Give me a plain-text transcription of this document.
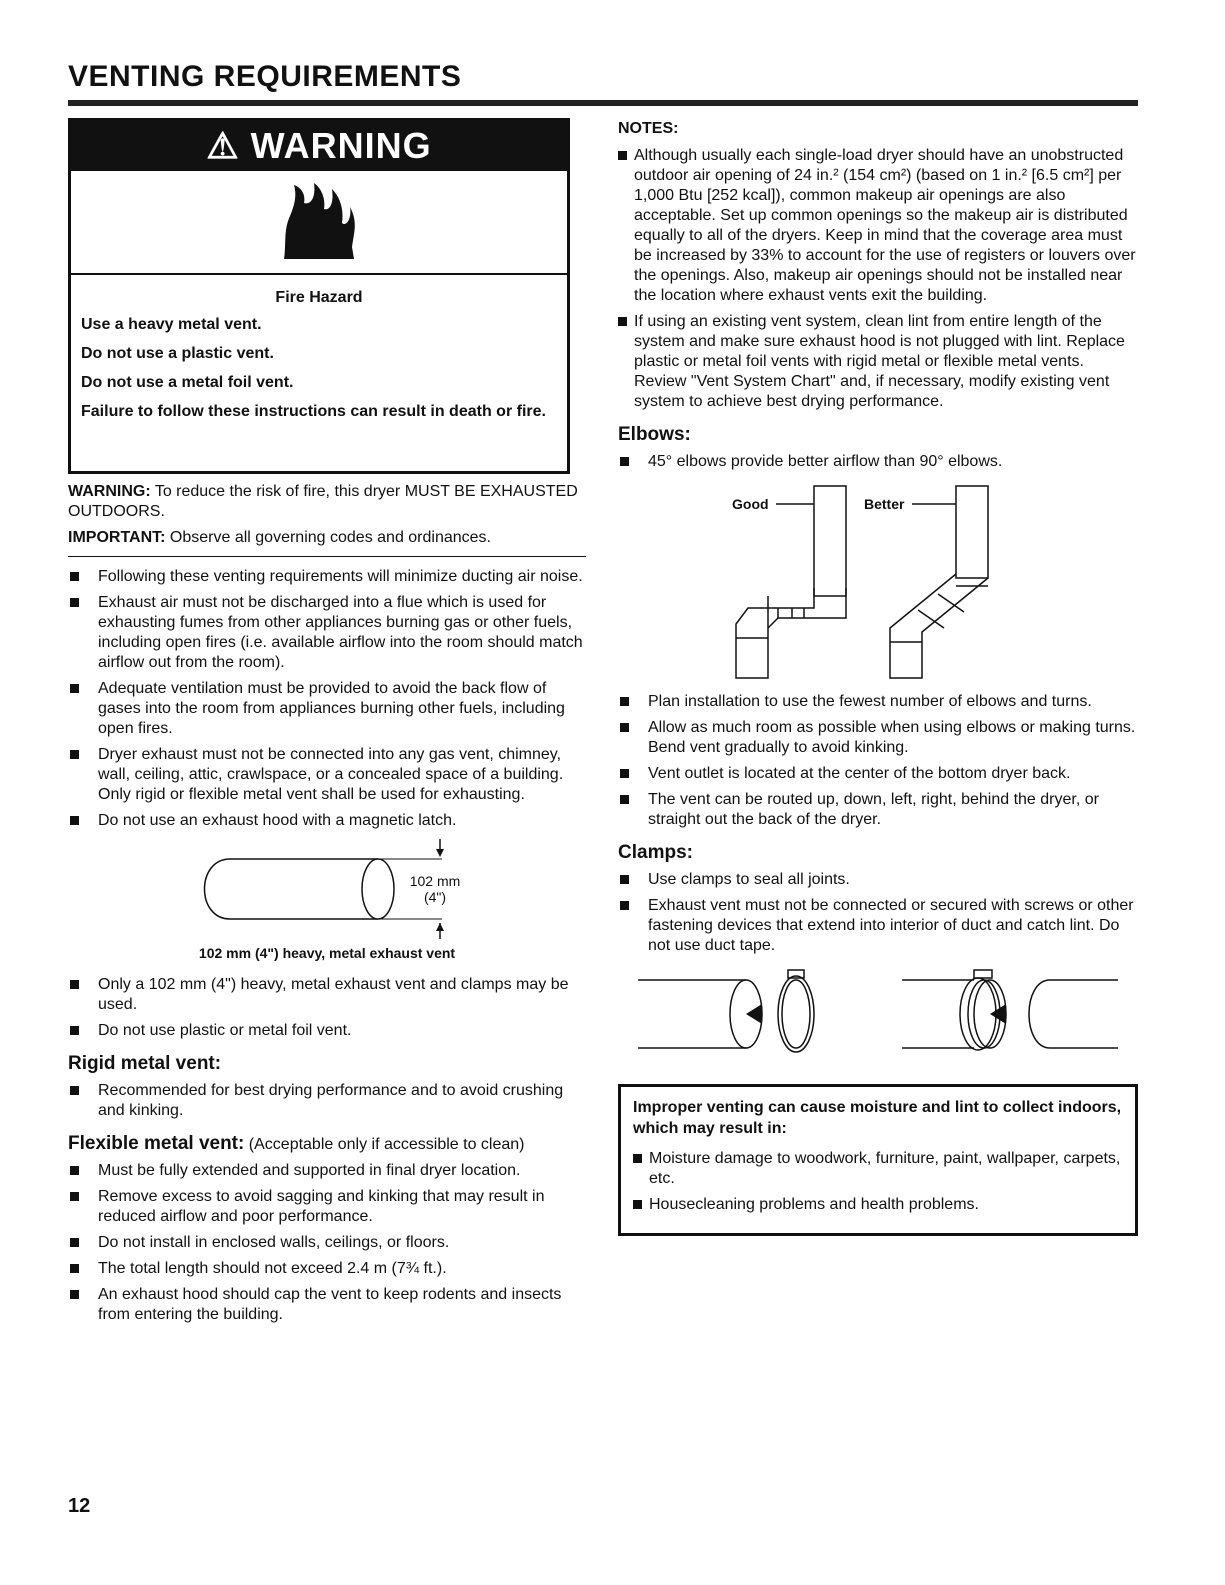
VENTING REQUIREMENTS
⚠ WARNING
Fire Hazard

Use a heavy metal vent.

Do not use a plastic vent.

Do not use a metal foil vent.

Failure to follow these instructions can result in death or fire.

WARNING: To reduce the risk of fire, this dryer MUST BE EXHAUSTED OUTDOORS.

IMPORTANT: Observe all governing codes and ordinances.

Following these venting requirements will minimize ducting air noise.
Exhaust air must not be discharged into a flue which is used for exhausting fumes from other appliances burning gas or other fuels, including open fires (i.e. available airflow into the room should match airflow out from the room).
Adequate ventilation must be provided to avoid the back flow of gases into the room from appliances burning other fuels, including open fires.
Dryer exhaust must not be connected into any gas vent, chimney, wall, ceiling, attic, crawlspace, or a concealed space of a building. Only rigid or flexible metal vent shall be used for exhausting.
Do not use an exhaust hood with a magnetic latch.
102 mm
(4")
102 mm (4") heavy, metal exhaust vent
Only a 102 mm (4") heavy, metal exhaust vent and clamps may be used.
Do not use plastic or metal foil vent.
Rigid metal vent:
Recommended for best drying performance and to avoid crushing and kinking.
Flexible metal vent: (Acceptable only if accessible to clean)
Must be fully extended and supported in final dryer location.
Remove excess to avoid sagging and kinking that may result in reduced airflow and poor performance.
Do not install in enclosed walls, ceilings, or floors.
The total length should not exceed 2.4 m (7¾ ft.).
An exhaust hood should cap the vent to keep rodents and insects from entering the building.
NOTES:
Although usually each single-load dryer should have an unobstructed outdoor air opening of 24 in.² (154 cm²) (based on 1 in.² [6.5 cm²] per 1,000 Btu [252 kcal]), common makeup air openings are also acceptable. Set up common openings so the makeup air is distributed equally to all of the dryers. Keep in mind that the coverage area must be increased by 33% to account for the use of registers or louvers over the openings. Also, makeup air openings should not be installed near the location where exhaust vents exit the building.
If using an existing vent system, clean lint from entire length of the system and make sure exhaust hood is not plugged with lint. Replace plastic or metal foil vents with rigid metal or flexible metal vents. Review "Vent System Chart" and, if necessary, modify existing vent system to achieve best drying performance.
Elbows:
45° elbows provide better airflow than 90° elbows.
Good	Better
Plan installation to use the fewest number of elbows and turns.
Allow as much room as possible when using elbows or making turns. Bend vent gradually to avoid kinking.
Vent outlet is located at the center of the bottom dryer back.
The vent can be routed up, down, left, right, behind the dryer, or straight out the back of the dryer.
Clamps:
Use clamps to seal all joints.
Exhaust vent must not be connected or secured with screws or other fastening devices that extend into interior of duct and catch lint. Do not use duct tape.
Improper venting can cause moisture and lint to collect indoors, which may result in:
Moisture damage to woodwork, furniture, paint, wallpaper, carpets, etc.
Housecleaning problems and health problems.
12
